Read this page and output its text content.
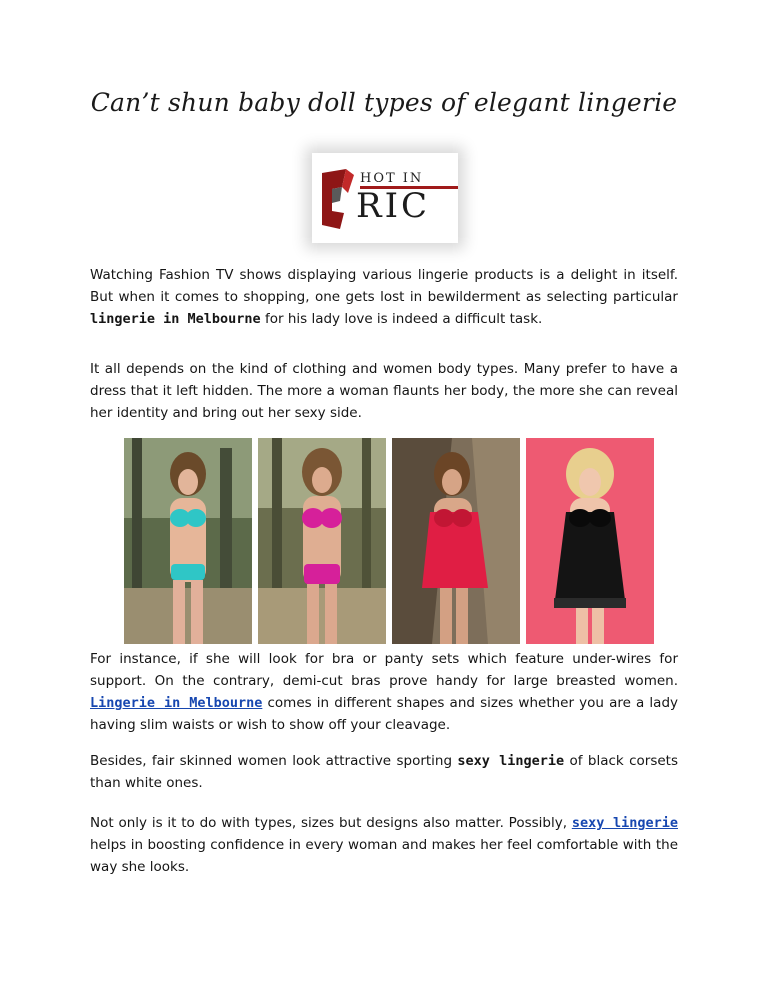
Can’t shun baby doll types of elegant lingerie
HOT IN
RIC

Watching Fashion TV shows displaying various lingerie products is a delight in itself. But when it comes to shopping, one gets lost in bewilderment as selecting particular lingerie in Melbourne for his lady love is indeed a difficult task.

It all depends on the kind of clothing and women body types. Many prefer to have a dress that it left hidden. The more a woman flaunts her body, the more she can reveal her identity and bring out her sexy side.

For instance, if she will look for bra or panty sets which feature under-wires for support. On the contrary, demi-cut bras prove handy for large breasted women. Lingerie in Melbourne comes in different shapes and sizes whether you are a lady having slim waists or wish to show off your cleavage.

Besides, fair skinned women look attractive sporting sexy lingerie of black corsets than white ones.

Not only is it to do with types, sizes but designs also matter. Possibly, sexy lingerie helps in boosting confidence in every woman and makes her feel comfortable with the way she looks.
